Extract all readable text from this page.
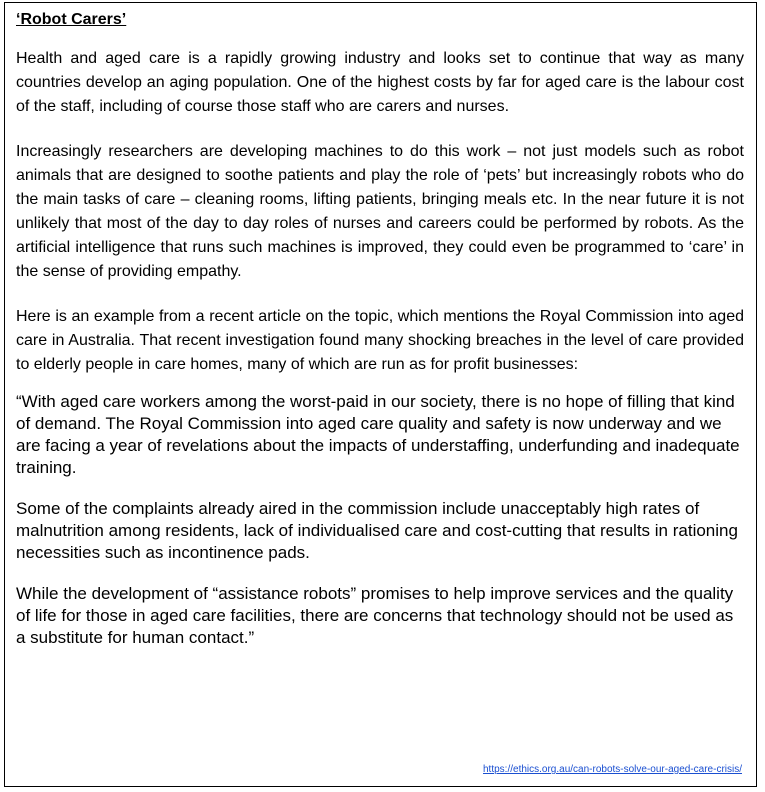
‘Robot Carers’

Health and aged care is a rapidly growing industry and looks set to continue that way as many countries develop an aging population. One of the highest costs by far for aged care is the labour cost of the staff, including of course those staff who are carers and nurses.

Increasingly researchers are developing machines to do this work – not just models such as robot animals that are designed to soothe patients and play the role of ‘pets’ but increasingly robots who do the main tasks of care – cleaning rooms, lifting patients, bringing meals etc. In the near future it is not unlikely that most of the day to day roles of nurses and careers could be performed by robots. As the artificial intelligence that runs such machines is improved, they could even be programmed to ‘care’ in the sense of providing empathy.

Here is an example from a recent article on the topic, which mentions the Royal Commission into aged care in Australia. That recent investigation found many shocking breaches in the level of care provided to elderly people in care homes, many of which are run as for profit businesses:

“With aged care workers among the worst-paid in our society, there is no hope of filling that kind of demand. The Royal Commission into aged care quality and safety is now underway and we are facing a year of revelations about the impacts of understaffing, underfunding and inadequate training.

Some of the complaints already aired in the commission include unacceptably high rates of malnutrition among residents, lack of individualised care and cost-cutting that results in rationing necessities such as incontinence pads.

While the development of “assistance robots” promises to help improve services and the quality of life for those in aged care facilities, there are concerns that technology should not be used as a substitute for human contact.”

https://ethics.org.au/can-robots-solve-our-aged-care-crisis/
